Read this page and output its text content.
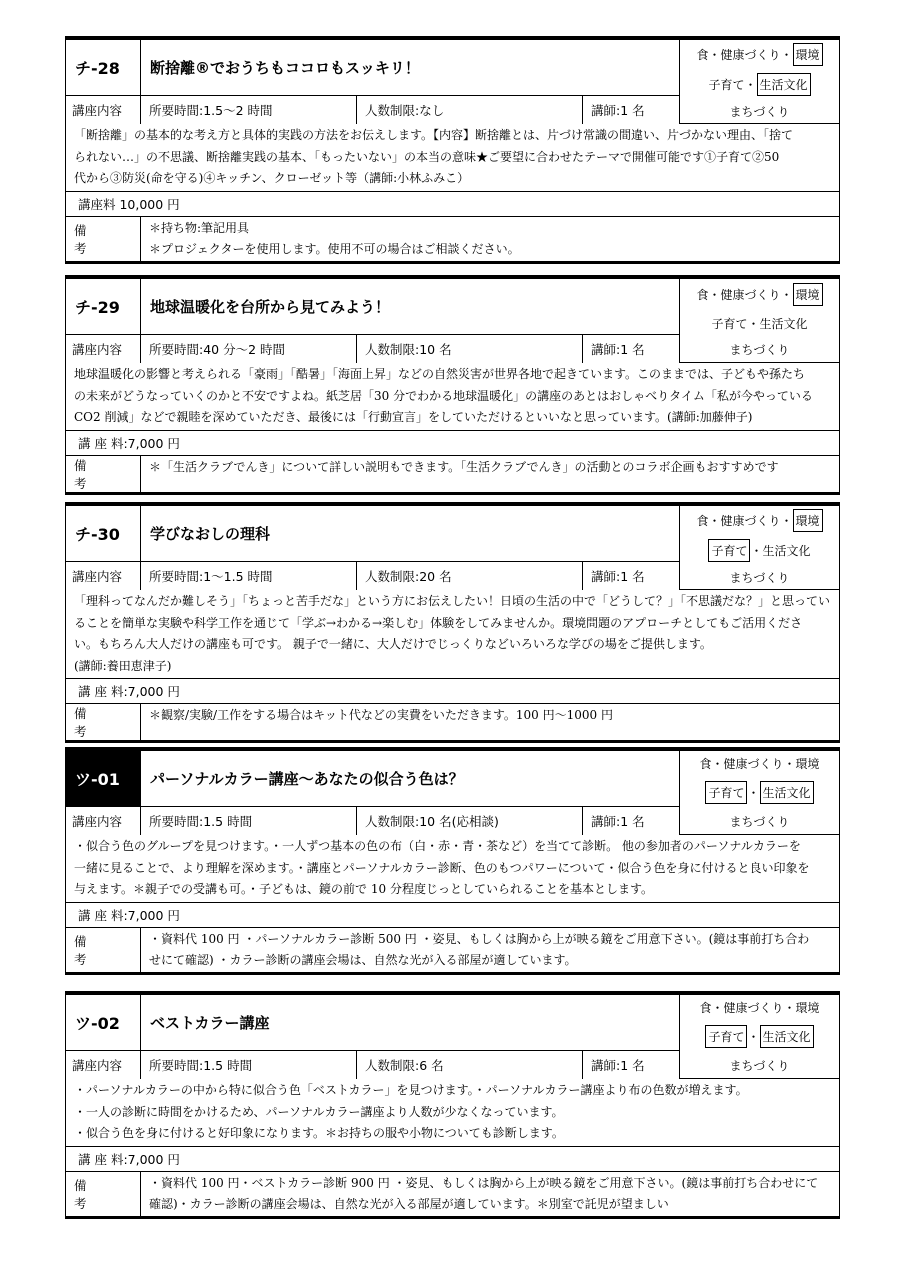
チ-28	断捨離®でおうちもココロもスッキリ！
講座内容	所要時間:1.5〜2 時間	人数制限:なし	講師:1 名
食・健康づくり・ 環境
子育て ・ 生活文化
まちづくり

「断捨離」の基本的な考え方と具体的実践の方法をお伝えします。【内容】断捨離とは、片づけ常識の間違い、片づかない理由、「捨て

られない…」の不思議、断捨離実践の基本、「もったいない」の本当の意味★ご要望に合わせたテーマで開催可能です①子育て②50

代から③防災(命を守る)④キッチン、クローゼット等（講師:小林ふみこ）

講座料 10,000 円
備　考

＊持ち物:筆記用具

＊プロジェクターを使用します。使用不可の場合はご相談ください。

チ-29	地球温暖化を台所から見てみよう！
講座内容	所要時間:40 分〜2 時間	人数制限:10 名	講師:1 名
食・健康づくり・ 環境
子育て ・ 生活文化
まちづくり

地球温暖化の影響と考えられる「豪雨」「酷暑」「海面上昇」などの自然災害が世界各地で起きています。このままでは、子どもや孫たち

の未来がどうなっていくのかと不安ですよね。紙芝居「30 分でわかる地球温暖化」の講座のあとはおしゃべりタイム「私が今やっている

CO2 削減」などで親睦を深めていただき、最後には「行動宣言」をしていただけるといいなと思っています。(講師:加藤伸子)

講 座 料:7,000 円
備　考

＊「生活クラブでんき」について詳しい説明もできます。「生活クラブでんき」の活動とのコラボ企画もおすすめです

チ-30	学びなおしの理科
講座内容	所要時間:1〜1.5 時間	人数制限:20 名	講師:1 名
食・健康づくり・ 環境
子育て ・ 生活文化
まちづくり

「理科ってなんだか難しそう」「ちょっと苦手だな」という方にお伝えしたい！日頃の生活の中で「どうして？」「不思議だな？」と思ってい

ることを簡単な実験や科学工作を通じて「学ぶ→わかる→楽しむ」体験をしてみませんか。環境問題のアプローチとしてもご活用くださ

い。もちろん大人だけの講座も可です。 親子で一緒に、大人だけでじっくりなどいろいろな学びの場をご提供します。

(講師:養田恵津子)

講 座 料:7,000 円
備　考

＊観察/実験/工作をする場合はキット代などの実費をいただきます。100 円〜1000 円

ツ-01	パーソナルカラー講座〜あなたの似合う色は？
講座内容	所要時間:1.5 時間	人数制限:10 名(応相談)	講師:1 名
食・健康づくり・ 環境
子育て ・ 生活文化
まちづくり

・似合う色のグループを見つけます。・一人ずつ基本の色の布（白・赤・青・茶など）を当てて診断。 他の参加者のパーソナルカラーを

一緒に見ることで、より理解を深めます。・講座とパーソナルカラー診断、色のもつパワーについて・似合う色を身に付けると良い印象を

与えます。＊親子での受講も可。・子どもは、鏡の前で 10 分程度じっとしていられることを基本とします。

講 座 料:7,000 円
備　考

・資料代 100 円 ・パーソナルカラー診断 500 円 ・姿見、もしくは胸から上が映る鏡をご用意下さい。(鏡は事前打ち合わ

せにて確認) ・カラー診断の講座会場は、自然な光が入る部屋が適しています。

ツ-02	ベストカラー講座
講座内容	所要時間:1.5 時間	人数制限:6 名	講師:1 名
食・健康づくり・ 環境
子育て ・ 生活文化
まちづくり

・パーソナルカラーの中から特に似合う色「ベストカラー」を見つけます。・パーソナルカラー講座より布の色数が増えます。

・一人の診断に時間をかけるため、パーソナルカラー講座より人数が少なくなっています。

・似合う色を身に付けると好印象になります。＊お持ちの服や小物についても診断します。

講 座 料:7,000 円
備　考

・資料代 100 円・ベストカラー診断 900 円 ・姿見、もしくは胸から上が映る鏡をご用意下さい。(鏡は事前打ち合わせにて

確認)・カラー診断の講座会場は、自然な光が入る部屋が適しています。＊別室で託児が望ましい
